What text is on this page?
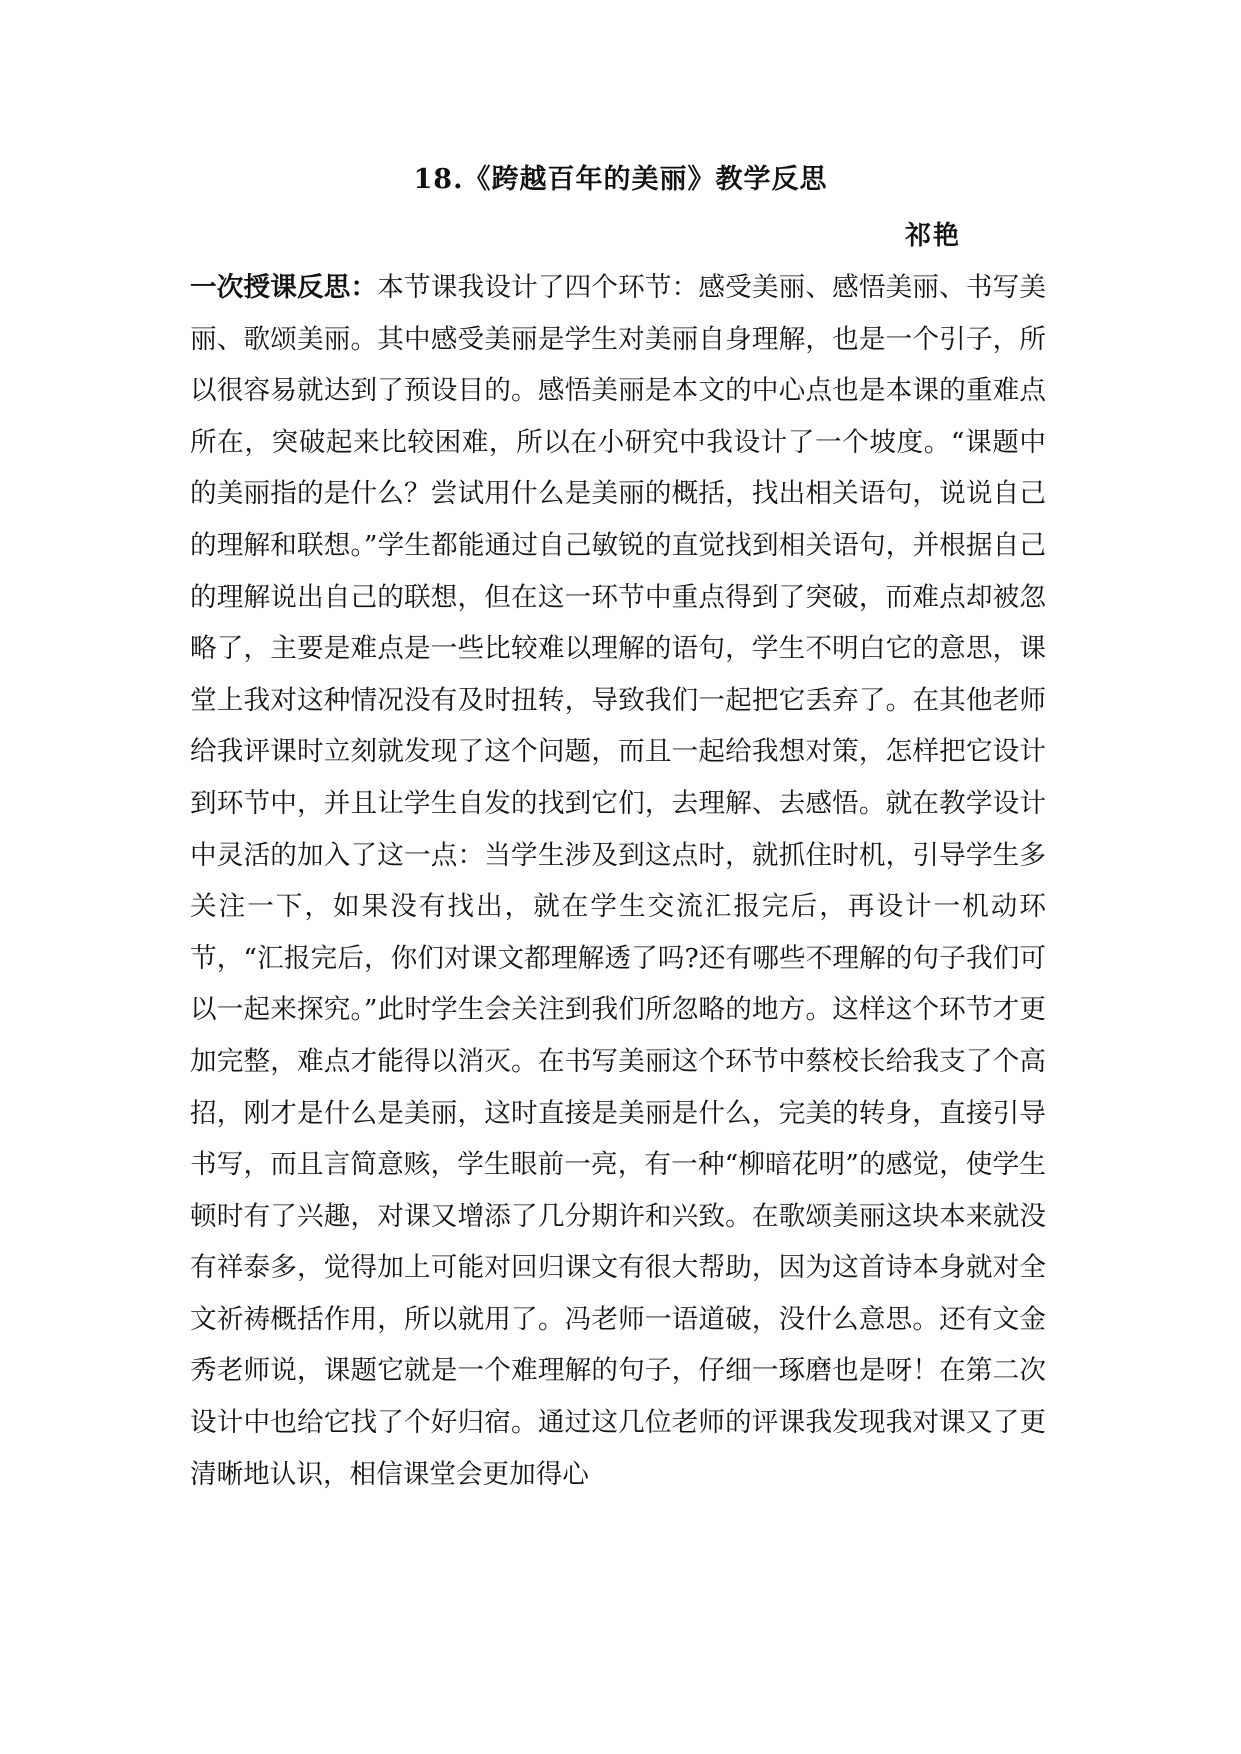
18.《跨越百年的美丽》教学反思
祁艳

一次授课反思：本节课我设计了四个环节：感受美丽、感悟美丽、书写美丽、歌颂美丽。其中感受美丽是学生对美丽自身理解，也是一个引子，所以很容易就达到了预设目的。感悟美丽是本文的中心点也是本课的重难点所在，突破起来比较困难，所以在小研究中我设计了一个坡度。“课题中的美丽指的是什么？尝试用什么是美丽的概括，找出相关语句，说说自己的理解和联想。”学生都能通过自己敏锐的直觉找到相关语句，并根据自己的理解说出自己的联想，但在这一环节中重点得到了突破，而难点却被忽略了，主要是难点是一些比较难以理解的语句，学生不明白它的意思，课堂上我对这种情况没有及时扭转，导致我们一起把它丢弃了。在其他老师给我评课时立刻就发现了这个问题，而且一起给我想对策，怎样把它设计到环节中，并且让学生自发的找到它们，去理解、去感悟。就在教学设计中灵活的加入了这一点：当学生涉及到这点时，就抓住时机，引导学生多关注一下，如果没有找出，就在学生交流汇报完后，再设计一机动环节，“汇报完后，你们对课文都理解透了吗?还有哪些不理解的句子我们可以一起来探究。”此时学生会关注到我们所忽略的地方。这样这个环节才更加完整，难点才能得以消灭。在书写美丽这个环节中蔡校长给我支了个高招，刚才是什么是美丽，这时直接是美丽是什么，完美的转身，直接引导书写，而且言简意赅，学生眼前一亮，有一种“柳暗花明”的感觉，使学生顿时有了兴趣，对课又增添了几分期许和兴致。在歌颂美丽这块本来就没有祥泰多，觉得加上可能对回归课文有很大帮助，因为这首诗本身就对全文祈祷概括作用，所以就用了。冯老师一语道破，没什么意思。还有文金秀老师说，课题它就是一个难理解的句子，仔细一琢磨也是呀！在第二次设计中也给它找了个好归宿。通过这几位老师的评课我发现我对课又了更清晰地认识，相信课堂会更加得心
